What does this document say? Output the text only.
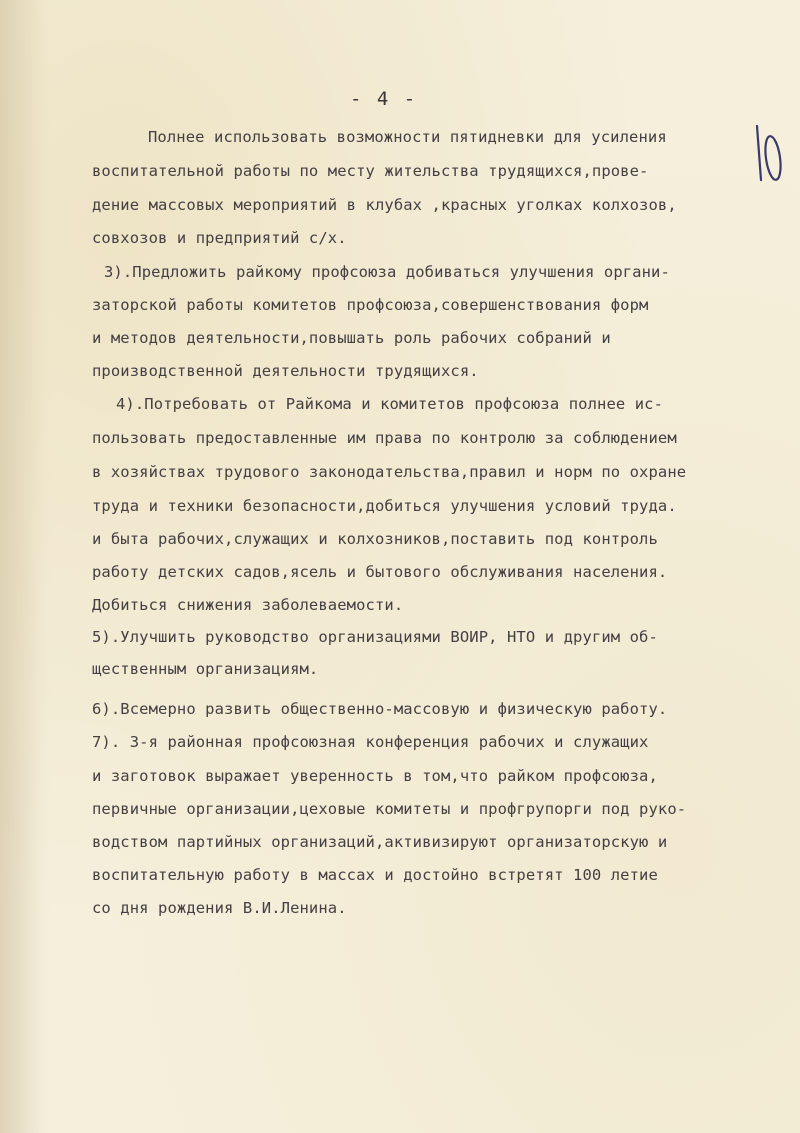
- 4 -
Полнее использовать возможности пятидневки для усиления
воспитательной работы по месту жительства трудящихся,прове-
дение массовых мероприятий в клубах ,красных уголках колхозов,
совхозов и предприятий с/х.
3).Предложить райкому профсоюза добиваться улучшения органи-
заторской работы комитетов профсоюза,совершенствования форм
и методов деятельности,повышать роль рабочих собраний и
производственной деятельности трудящихся.
4).Потребовать от Райкома и комитетов профсоюза полнее ис-
пользовать предоставленные им права по контролю за соблюдением
в хозяйствах трудового законодательства,правил и норм по охране
труда и техники безопасности,добиться улучшения условий труда.
и быта рабочих,служащих и колхозников,поставить под контроль
работу детских садов,ясель и бытового обслуживания населения.
Добиться снижения заболеваемости.
5).Улучшить руководство организациями ВОИР, НТО и другим об-
щественным организациям.
6).Всемерно развить общественно-массовую и физическую работу.
7). 3-я районная профсоюзная конференция рабочих и служащих
и заготовок выражает уверенность в том,что райком профсоюза,
первичные организации,цеховые комитеты и профгрупорги под руко-
водством партийных организаций,активизируют организаторскую и
воспитательную работу в массах и достойно встретят 100 летие
со дня рождения В.И.Ленина.
